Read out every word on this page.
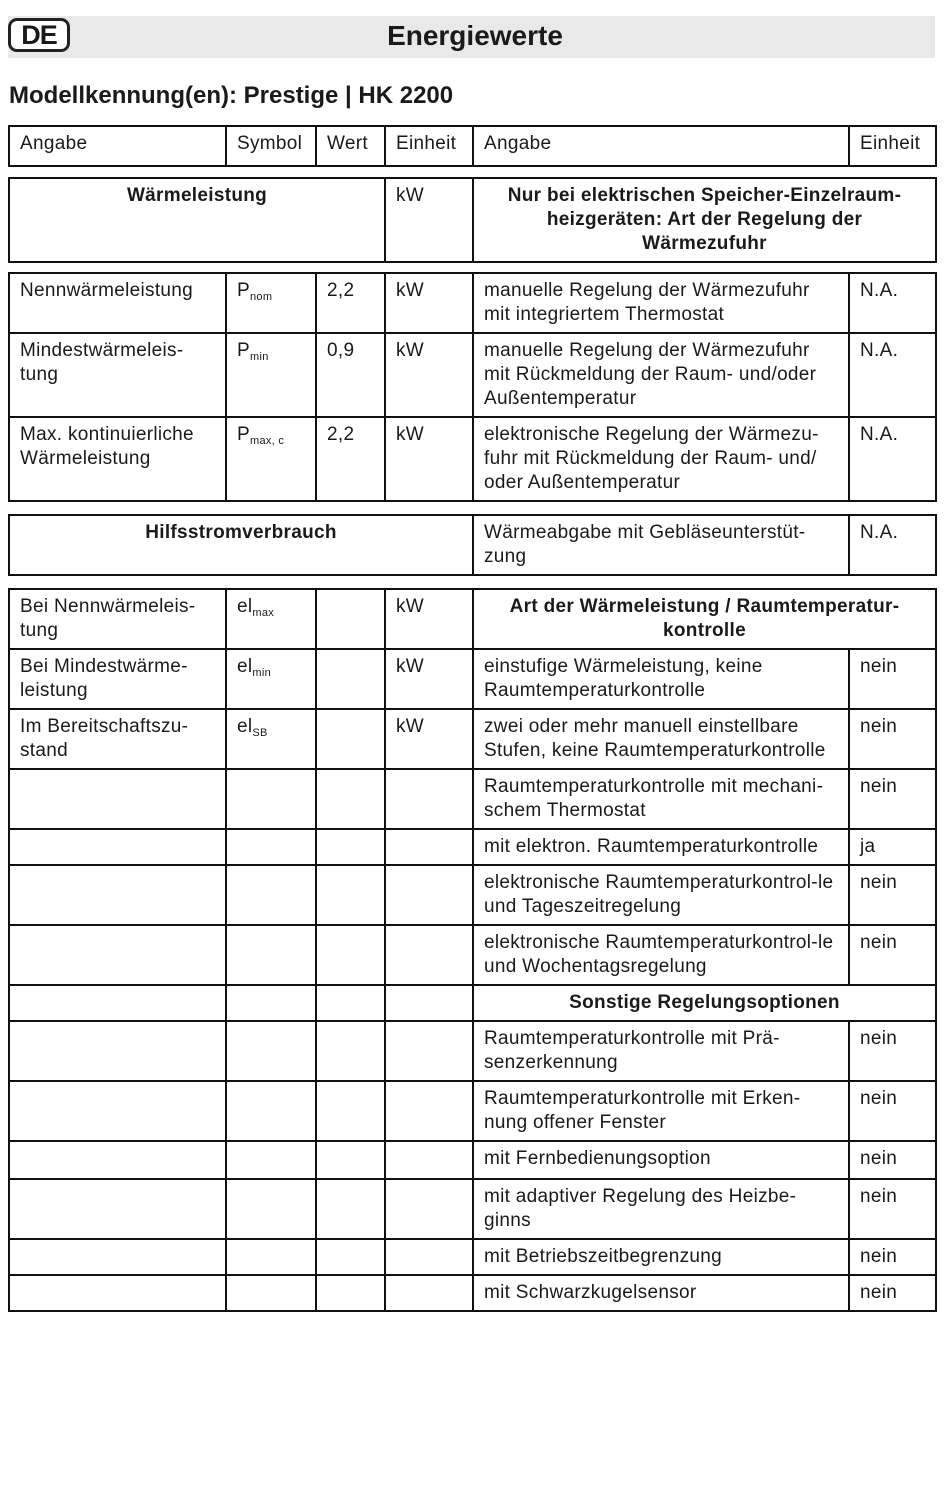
DE	Energiewerte
Modellkennung(en): Prestige | HK 2200
Angabe	Symbol	Wert	Einheit	Angabe	Einheit
Wärmeleistung	kW	Nur bei elektrischen Speicher-Einzelraum-heizgeräten: Art der Regelung der Wärmezufuhr
Nennwärmeleistung	$P_{nom}$	2,2	kW	manuelle Regelung der Wärmezufuhr mit integriertem Thermostat	N.A.
Mindestwärmeleis-tung	$P_{min}$	0,9	kW	manuelle Regelung der Wärmezufuhr mit Rückmeldung der Raum- und/oder Außentemperatur	N.A.
Max. kontinuierliche Wärmeleistung	$P_{max, c}$	2,2	kW	elektronische Regelung der Wärmezu-fuhr mit Rückmeldung der Raum- und/ oder Außentemperatur	N.A.
Hilfsstromverbrauch	Wärmeabgabe mit Gebläseunterstüt-zung	N.A.
Bei Nennwärmeleis-tung	$el_{max}$		kW	Art der Wärmeleistung / Raumtemperatur-kontrolle	
Bei Mindestwärme-leistung	$el_{min}$		kW	einstufige Wärmeleistung, keine Raumtemperaturkontrolle	nein
Im Bereitschaftszu-stand	$el_{SB}$		kW	zwei oder mehr manuell einstellbare Stufen, keine Raumtemperaturkontrolle	nein
				Raumtemperaturkontrolle mit mechani-schem Thermostat	nein
				mit elektron. Raumtemperaturkontrolle	ja
				elektronische Raumtemperaturkontrol-le und Tageszeitregelung	nein
				elektronische Raumtemperaturkontrol-le und Wochentagsregelung	nein
				Sonstige Regelungsoptionen	
				Raumtemperaturkontrolle mit Prä-senzerkennung	nein
				Raumtemperaturkontrolle mit Erken-nung offener Fenster	nein
				mit Fernbedienungsoption	nein
				mit adaptiver Regelung des Heizbe-ginns	nein
				mit Betriebszeitbegrenzung	nein
				mit Schwarzkugelsensor	nein
